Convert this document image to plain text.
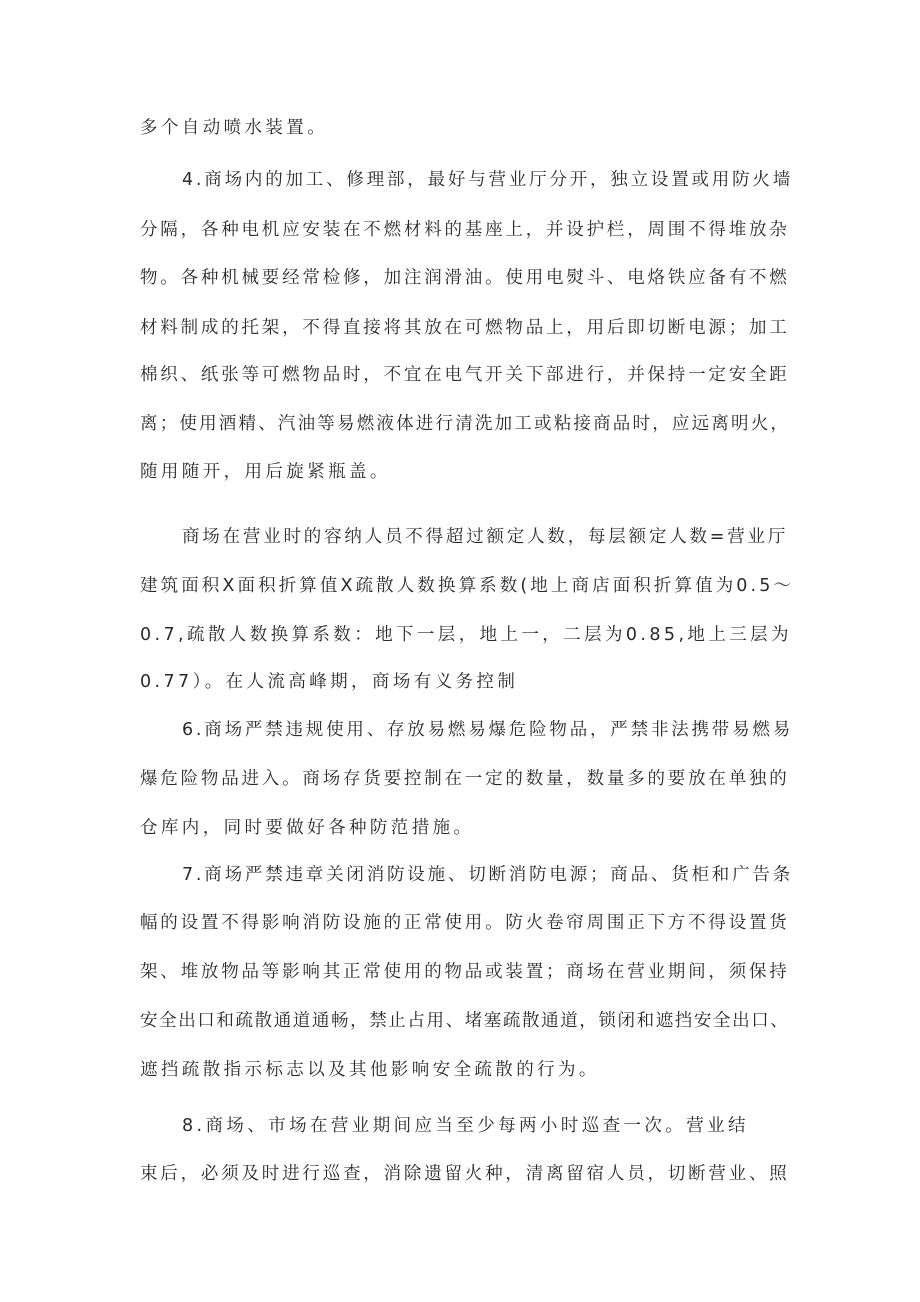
多个自动喷水装置。
4.商场内的加工、修理部，最好与营业厅分开，独立设置或用防火墙
分隔，各种电机应安装在不燃材料的基座上，并设护栏，周围不得堆放杂
物。各种机械要经常检修，加注润滑油。使用电熨斗、电烙铁应备有不燃
材料制成的托架，不得直接将其放在可燃物品上，用后即切断电源；加工
棉织、纸张等可燃物品时，不宜在电气开关下部进行，并保持一定安全距
离；使用酒精、汽油等易燃液体进行清洗加工或粘接商品时，应远离明火，
随用随开，用后旋紧瓶盖。
商场在营业时的容纳人员不得超过额定人数，每层额定人数=营业厅
建筑面积X面积折算值X疏散人数换算系数(地上商店面积折算值为0.5～
0.7,疏散人数换算系数：地下一层，地上一，二层为0.85,地上三层为
0.77）。在人流高峰期，商场有义务控制
6.商场严禁违规使用、存放易燃易爆危险物品，严禁非法携带易燃易
爆危险物品进入。商场存货要控制在一定的数量，数量多的要放在单独的
仓库内，同时要做好各种防范措施。
7.商场严禁违章关闭消防设施、切断消防电源；商品、货柜和广告条
幅的设置不得影响消防设施的正常使用。防火卷帘周围正下方不得设置货
架、堆放物品等影响其正常使用的物品或装置；商场在营业期间，须保持
安全出口和疏散通道通畅，禁止占用、堵塞疏散通道，锁闭和遮挡安全出口、
遮挡疏散指示标志以及其他影响安全疏散的行为。
8.商场、市场在营业期间应当至少每两小时巡查一次。营业结
束后，必须及时进行巡查，消除遗留火种，清离留宿人员，切断营业、照
